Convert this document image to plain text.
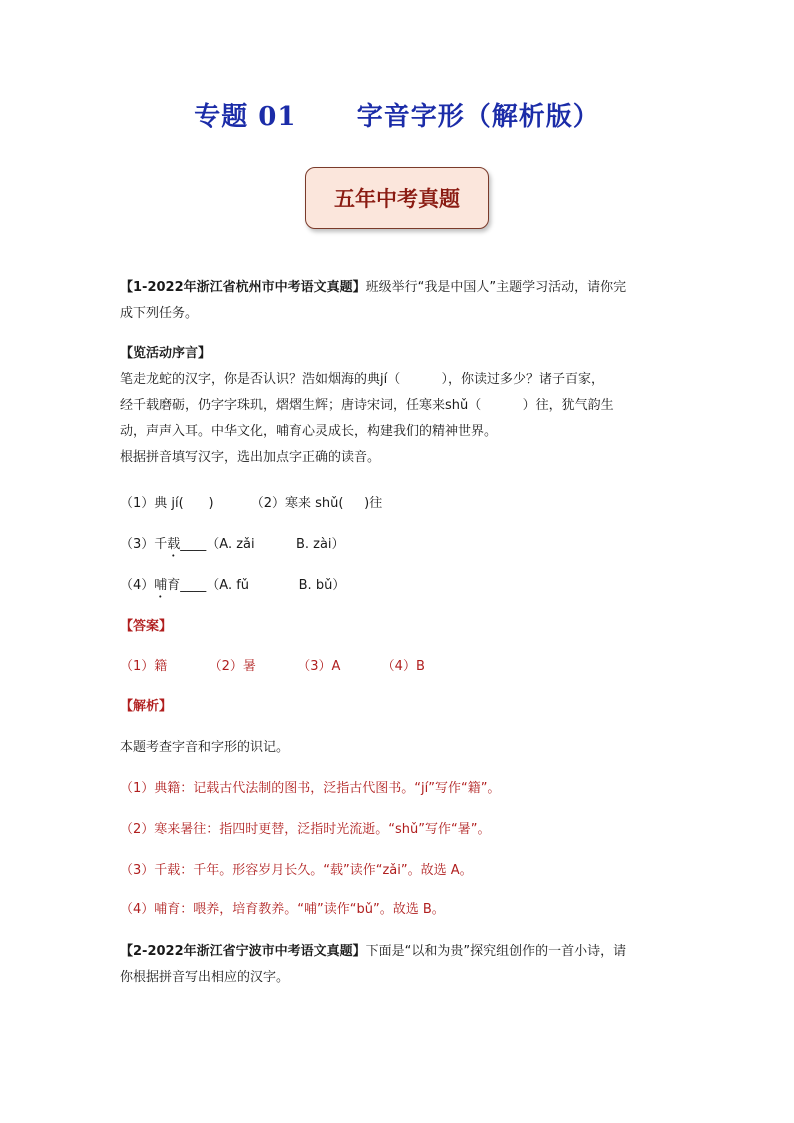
专题 01      字音字形（解析版）
五年中考真题
【1-2022年浙江省杭州市中考语文真题】班级举行“我是中国人”主题学习活动，请你完
成下列任务。
【览活动序言】
笔走龙蛇的汉字，你是否认识？浩如烟海的典jí（          ），你读过多少？诸子百家，
经千载磨砺，仍字字珠玑，熠熠生辉；唐诗宋词，任寒来shǔ（          ）往，犹气韵生
动，声声入耳。中华文化，哺育心灵成长，构建我们的精神世界。
根据拼音填写汉字，选出加点字正确的读音。
（1）典 jí(      )         （2）寒来 shǔ(     )往
（3）千载____（A. zǎi          B. zài）
（4）哺育____（A. fǔ            B. bǔ）
【答案】
（1）籍          （2）暑          （3）A          （4）B
【解析】
本题考查字音和字形的识记。
（1）典籍：记载古代法制的图书，泛指古代图书。“jí”写作“籍”。
（2）寒来暑往：指四时更替，泛指时光流逝。“shǔ”写作“暑”。
（3）千载：千年。形容岁月长久。“载”读作“zǎi”。故选 A。
（4）哺育：喂养，培育教养。“哺”读作“bǔ”。故选 B。
【2-2022年浙江省宁波市中考语文真题】下面是“以和为贵”探究组创作的一首小诗，请
你根据拼音写出相应的汉字。
